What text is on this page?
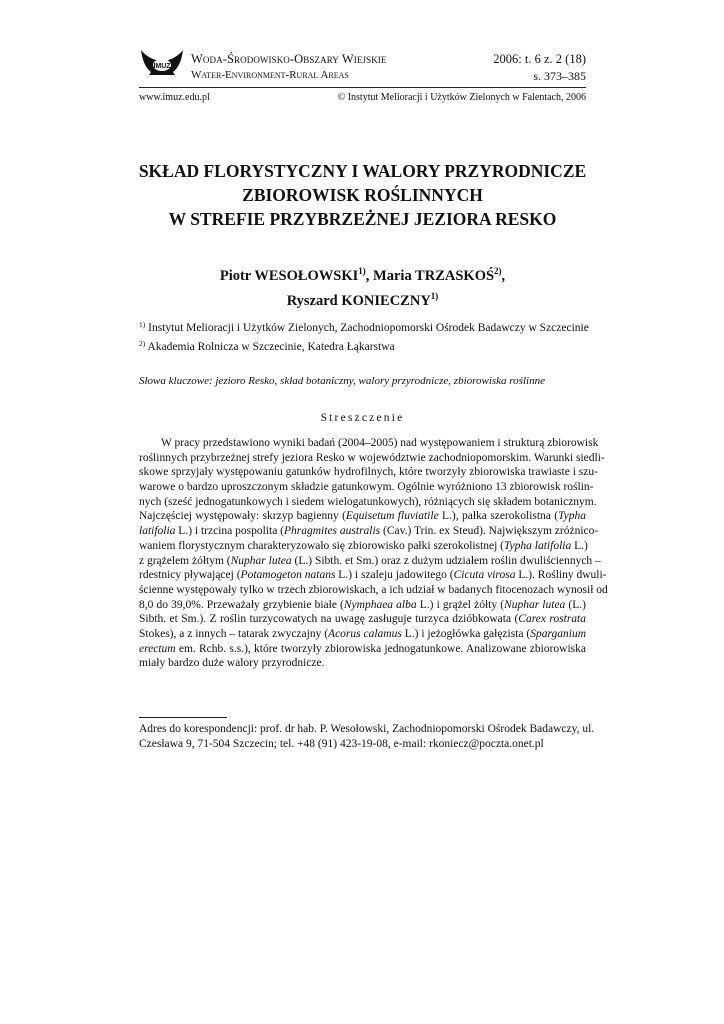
IMUZ
Woda-Środowisko-Obszary Wiejskie
Water-Environment-Rural Areas
2006: t. 6 z. 2 (18)
s. 373–385
www.imuz.edu.pl	© Instytut Melioracji i Użytków Zielonych w Falentach, 2006
SKŁAD FLORYSTYCZNY I WALORY PRZYRODNICZE
ZBIOROWISK ROŚLINNYCH
W STREFIE PRZYBRZEŻNEJ JEZIORA RESKO
Piotr WESOŁOWSKI$^{1)}$, Maria TRZASKOŚ$^{2)}$,
Ryszard KONIECZNY$^{1)}$
$^{1)}$ Instytut Melioracji i Użytków Zielonych, Zachodniopomorski Ośrodek Badawczy w Szczecinie
$^{2)}$ Akademia Rolnicza w Szczecinie, Katedra Łąkarstwa
Słowa kluczowe: jezioro Resko, skład botaniczny, walory przyrodnicze, zbiorowiska roślinne
Streszczenie
W pracy przedstawiono wyniki badań (2004–2005) nad występowaniem i strukturą zbiorowisk
roślinnych przybrzeżnej strefy jeziora Resko w województwie zachodniopomorskim. Warunki siedli-
skowe sprzyjały występowaniu gatunków hydrofilnych, które tworzyły zbiorowiska trawiaste i szu-
warowe o bardzo uproszczonym składzie gatunkowym. Ogólnie wyróżniono 13 zbiorowisk roślin-
nych (sześć jednogatunkowych i siedem wielogatunkowych), różniących się składem botanicznym.
Najczęściej występowały: skrzyp bagienny (Equisetum fluviatile L.), pałka szerokolistna (Typha
latifolia L.) i trzcina pospolita (Phragmites australis (Cav.) Trin. ex Steud). Największym zróżnico-
waniem florystycznym charakteryzowało się zbiorowisko pałki szerokolistnej (Typha latifolia L.)
z grążelem żółtym (Nuphar lutea (L.) Sibth. et Sm.) oraz z dużym udziałem roślin dwuliściennych –
rdestnicy pływającej (Potamogeton natans L.) i szaleju jadowitego (Cicuta virosa L.). Rośliny dwuli-
ścienne występowały tylko w trzech zbiorowiskach, a ich udział w badanych fitocenozach wynosił od
8,0 do 39,0%. Przeważały grzybienie białe (Nymphaea alba L.) i grążel żółty (Nuphar lutea (L.)
Sibth. et Sm.). Z roślin turzycowatych na uwagę zasługuje turzyca dzióbkowata (Carex rostrata
Stokes), a z innych – tatarak zwyczajny (Acorus calamus L.) i jeżogłówka gałęzista (Sparganium
erectum em. Rchb. s.s.), które tworzyły zbiorowiska jednogatunkowe. Analizowane zbiorowiska
miały bardzo duże walory przyrodnicze.
Adres do korespondencji: prof. dr hab. P. Wesołowski, Zachodniopomorski Ośrodek Badawczy, ul.
Czesława 9, 71-504 Szczecin; tel. +48 (91) 423-19-08, e-mail: rkoniecz@poczta.onet.pl
